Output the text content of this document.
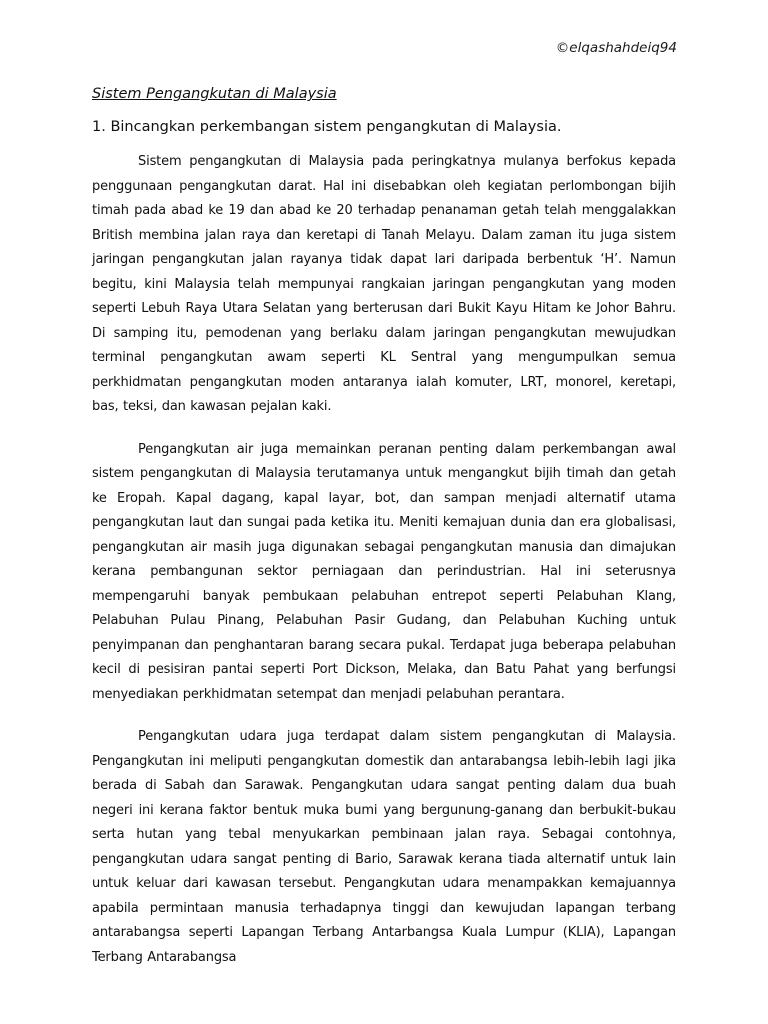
©elqashahdeiq94
Sistem Pengangkutan di Malaysia
1. Bincangkan perkembangan sistem pengangkutan di Malaysia.

Sistem pengangkutan di Malaysia pada peringkatnya mulanya berfokus kepada penggunaan pengangkutan darat. Hal ini disebabkan oleh kegiatan perlombongan bijih timah pada abad ke 19 dan abad ke 20 terhadap penanaman getah telah menggalakkan British membina jalan raya dan keretapi di Tanah Melayu. Dalam zaman itu juga sistem jaringan pengangkutan jalan rayanya tidak dapat lari daripada berbentuk ‘H’. Namun begitu, kini Malaysia telah mempunyai rangkaian jaringan pengangkutan yang moden seperti Lebuh Raya Utara Selatan yang berterusan dari Bukit Kayu Hitam ke Johor Bahru. Di samping itu, pemodenan yang berlaku dalam jaringan pengangkutan mewujudkan terminal pengangkutan awam seperti KL Sentral yang mengumpulkan semua perkhidmatan pengangkutan moden antaranya ialah komuter, LRT, monorel, keretapi, bas, teksi, dan kawasan pejalan kaki.

Pengangkutan air juga memainkan peranan penting dalam perkembangan awal sistem pengangkutan di Malaysia terutamanya untuk mengangkut bijih timah dan getah ke Eropah. Kapal dagang, kapal layar, bot, dan sampan menjadi alternatif utama pengangkutan laut dan sungai pada ketika itu. Meniti kemajuan dunia dan era globalisasi, pengangkutan air masih juga digunakan sebagai pengangkutan manusia dan dimajukan kerana pembangunan sektor perniagaan dan perindustrian. Hal ini seterusnya mempengaruhi banyak pembukaan pelabuhan entrepot seperti Pelabuhan Klang, Pelabuhan Pulau Pinang, Pelabuhan Pasir Gudang, dan Pelabuhan Kuching untuk penyimpanan dan penghantaran barang secara pukal. Terdapat juga beberapa pelabuhan kecil di pesisiran pantai seperti Port Dickson, Melaka, dan Batu Pahat yang berfungsi menyediakan perkhidmatan setempat dan menjadi pelabuhan perantara.

Pengangkutan udara juga terdapat dalam sistem pengangkutan di Malaysia. Pengangkutan ini meliputi pengangkutan domestik dan antarabangsa lebih-lebih lagi jika berada di Sabah dan Sarawak. Pengangkutan udara sangat penting dalam dua buah negeri ini kerana faktor bentuk muka bumi yang bergunung-ganang dan berbukit-bukau serta hutan yang tebal menyukarkan pembinaan jalan raya. Sebagai contohnya, pengangkutan udara sangat penting di Bario, Sarawak kerana tiada alternatif untuk lain untuk keluar dari kawasan tersebut. Pengangkutan udara menampakkan kemajuannya apabila permintaan manusia terhadapnya tinggi dan kewujudan lapangan terbang antarabangsa seperti Lapangan Terbang Antarbangsa Kuala Lumpur (KLIA), Lapangan Terbang Antarabangsa
